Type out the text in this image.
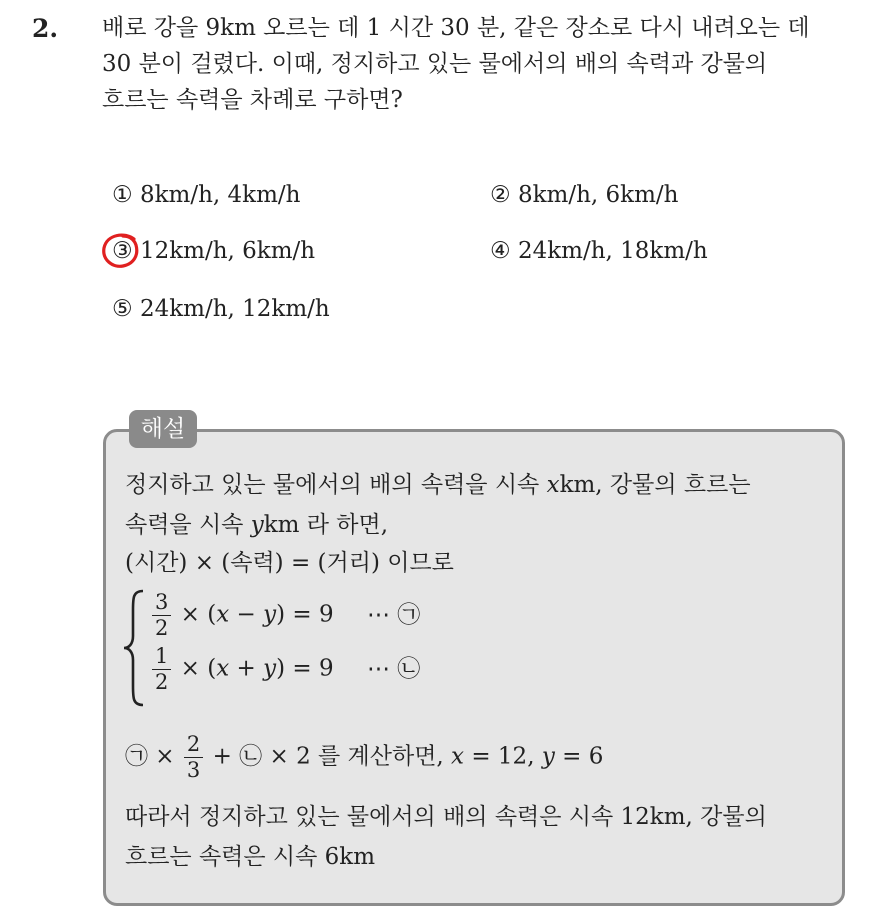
2. 배로 강을 9km 오르는 데 1 시간 30 분, 같은 장소로 다시 내려오는 데
30 분이 걸렸다. 이때, 정지하고 있는 물에서의 배의 속력과 강물의
흐르는 속력을 차례로 구하면?

① 8km/h, 4km/h	② 8km/h, 6km/h
③ 12km/h, 6km/h	④ 24km/h, 18km/h
⑤ 24km/h, 12km/h
해설
정지하고 있는 물에서의 배의 속력을 시속 xkm, 강물의 흐르는
속력을 시속 ykm 라 하면,
(시간) × (속력) = (거리) 이므로
$\frac{3}{2} \times (x - y) = 9$ ⋯ ㉠
$\frac{1}{2} \times (x + y) = 9$ ⋯ ㉡
㉠ × $\frac{2}{3}$ + ㉡ × 2 를 계산하면, x = 12, y = 6
따라서 정지하고 있는 물에서의 배의 속력은 시속 12km, 강물의
흐르는 속력은 시속 6km
